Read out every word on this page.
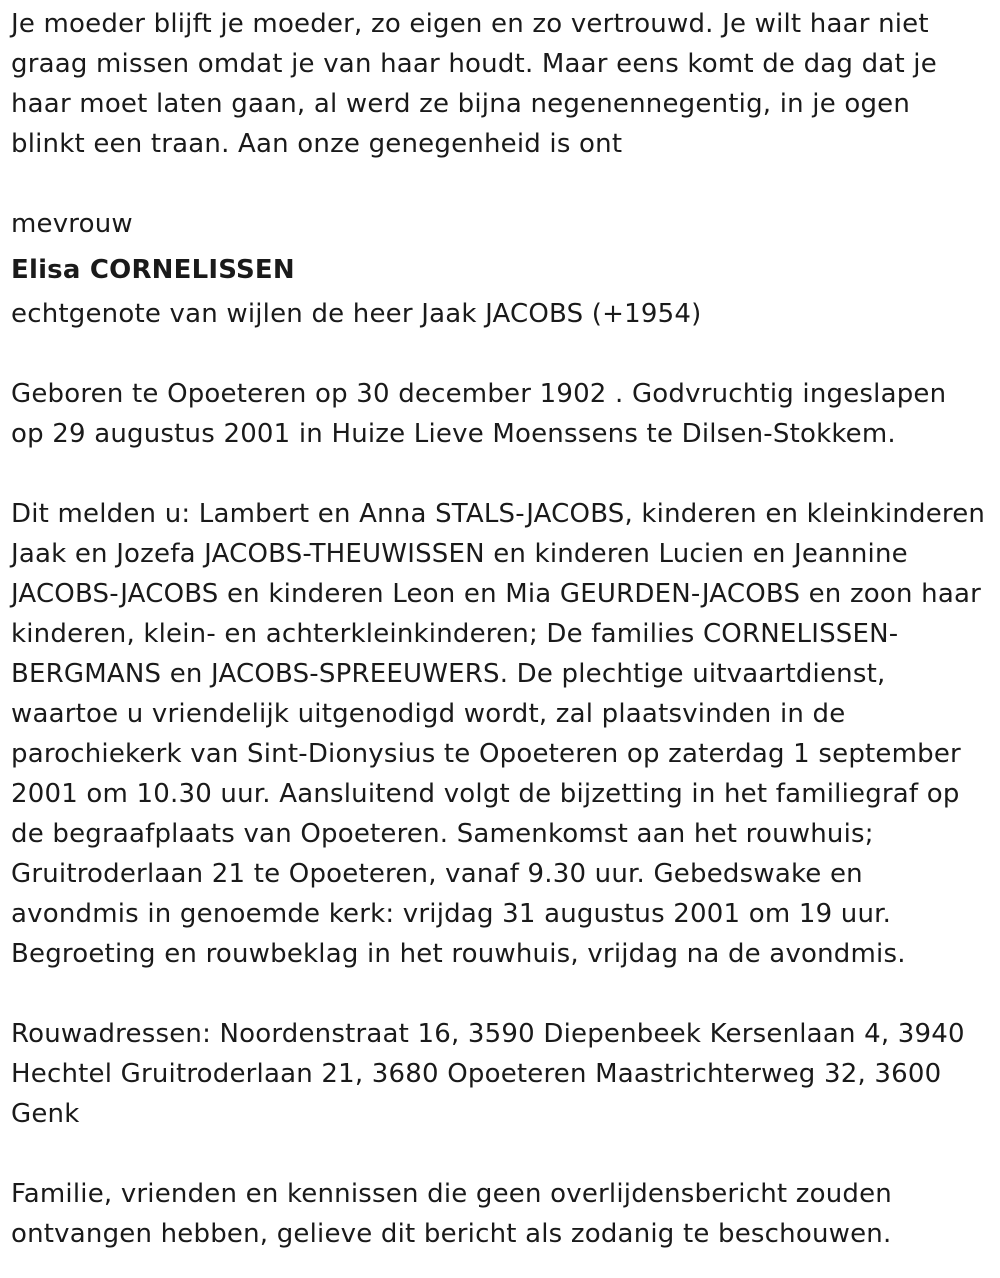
Je moeder blijft je moeder, zo eigen en zo vertrouwd. Je wilt haar niet graag missen omdat je van haar houdt. Maar eens komt de dag dat je haar moet laten gaan, al werd ze bijna negenennegentig, in je ogen blinkt een traan. Aan onze genegenheid is ont

mevrouw

Elisa CORNELISSEN

echtgenote van wijlen de heer Jaak JACOBS (+1954)

Geboren te Opoeteren op 30 december 1902 . Godvruchtig ingeslapen op 29 augustus 2001 in Huize Lieve Moenssens te Dilsen-Stokkem.

Dit melden u: Lambert en Anna STALS-JACOBS, kinderen en kleinkinderen Jaak en Jozefa JACOBS-THEUWISSEN en kinderen Lucien en Jeannine JACOBS-JACOBS en kinderen Leon en Mia GEURDEN-JACOBS en zoon haar kinderen, klein- en achterkleinkinderen; De families CORNELISSEN-BERGMANS en JACOBS-SPREEUWERS. De plechtige uitvaartdienst, waartoe u vriendelijk uitgenodigd wordt, zal plaatsvinden in de parochiekerk van Sint-Dionysius te Opoeteren op zaterdag 1 september 2001 om 10.30 uur. Aansluitend volgt de bijzetting in het familiegraf op de begraafplaats van Opoeteren. Samenkomst aan het rouwhuis; Gruitroderlaan 21 te Opoeteren, vanaf 9.30 uur. Gebedswake en avondmis in genoemde kerk: vrijdag 31 augustus 2001 om 19 uur. Begroeting en rouwbeklag in het rouwhuis, vrijdag na de avondmis.

Rouwadressen: Noordenstraat 16, 3590 Diepenbeek Kersenlaan 4, 3940 Hechtel Gruitroderlaan 21, 3680 Opoeteren Maastrichterweg 32, 3600 Genk

Familie, vrienden en kennissen die geen overlijdensbericht zouden ontvangen hebben, gelieve dit bericht als zodanig te beschouwen.
